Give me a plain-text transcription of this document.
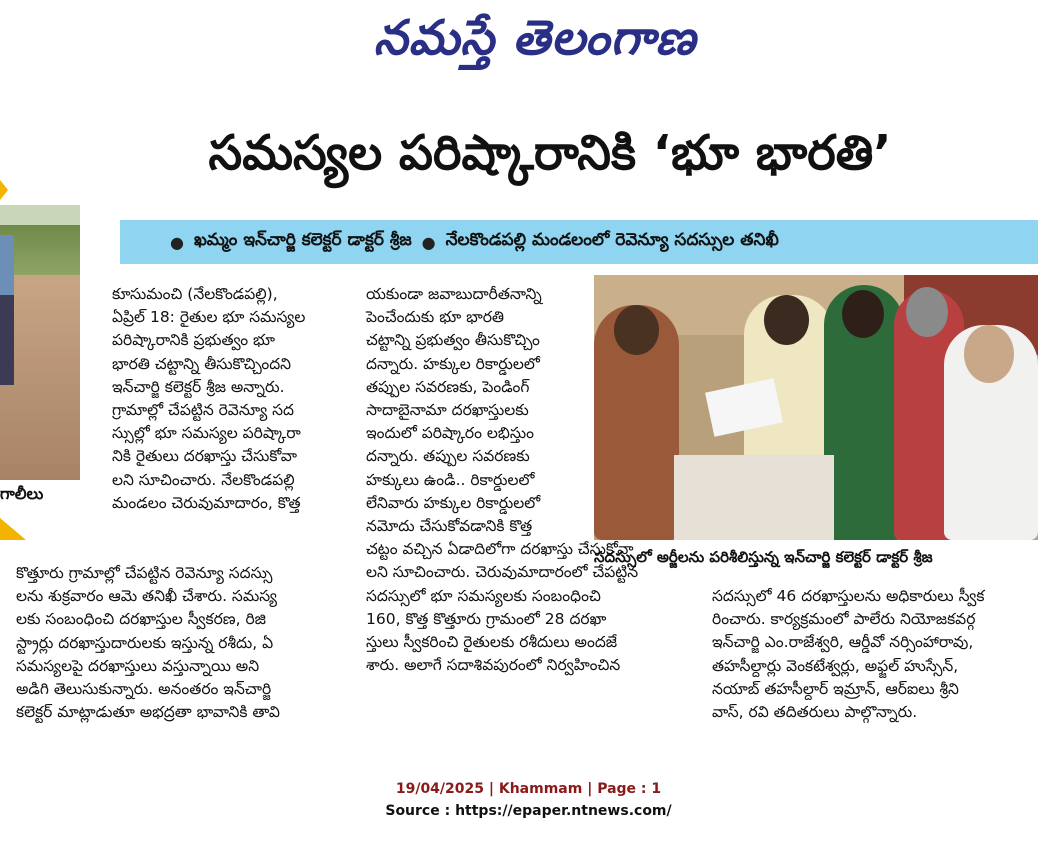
నమస్తే తెలంగాణ
సమస్యల పరిష్కారానికి ‘భూ భారతి’
● ఖమ్మం ఇన్‌చార్జి కలెక్టర్ డాక్టర్ శ్రీజ ● నేలకొండపల్లి మండలంలో రెవెన్యూ సదస్సుల తనిఖీ
గాలీలు
సదస్సులో అర్జీలను పరిశీలిస్తున్న ఇన్‌చార్జి కలెక్టర్ డాక్టర్ శ్రీజ
కూసుమంచి (నేలకొండపల్లి),
ఏప్రిల్ 18: రైతుల భూ సమస్యల
పరిష్కారానికి ప్రభుత్వం భూ
భారతి చట్టాన్ని తీసుకొచ్చిందని
ఇన్‌చార్జి కలెక్టర్ శ్రీజ అన్నారు.
గ్రామాల్లో చేపట్టిన రెవెన్యూ సద
స్సుల్లో భూ సమస్యల పరిష్కారా
నికి రైతులు దరఖాస్తు చేసుకోవా
లని సూచించారు. నేలకొండపల్లి
మండలం చెరువుమాదారం, కొత్త
కొత్తూరు గ్రామాల్లో చేపట్టిన రెవెన్యూ సదస్సు
లను శుక్రవారం ఆమె తనిఖీ చేశారు. సమస్య
లకు సంబంధించి దరఖాస్తుల స్వీకరణ, రిజి
స్ట్రార్లు దరఖాస్తుదారులకు ఇస్తున్న రశీదు, ఏ
సమస్యలపై దరఖాస్తులు వస్తున్నాయి అని
అడిగి తెలుసుకున్నారు. అనంతరం ఇన్‌చార్జి
కలెక్టర్ మాట్లాడుతూ అభద్రతా భావానికి తావి
యకుండా జవాబుదారీతనాన్ని
పెంచేందుకు భూ భారతి
చట్టాన్ని ప్రభుత్వం తీసుకొచ్చిం
దన్నారు. హక్కుల రికార్డులలో
తప్పుల సవరణకు, పెండింగ్
సాదాబైనామా దరఖాస్తులకు
ఇందులో పరిష్కారం లభిస్తుం
దన్నారు. తప్పుల సవరణకు
హక్కులు ఉండి.. రికార్డులలో
లేనివారు హక్కుల రికార్డులలో
నమోదు చేసుకోవడానికి కొత్త
చట్టం వచ్చిన ఏడాదిలోగా దరఖాస్తు చేసుకోవా
లని సూచించారు. చెరువుమాదారంలో చేపట్టిన
సదస్సులో భూ సమస్యలకు సంబంధించి
160, కొత్త కొత్తూరు గ్రామంలో 28 దరఖా
స్తులు స్వీకరించి రైతులకు రశీదులు అందజే
శారు. అలాగే సదాశివపురంలో నిర్వహించిన
సదస్సులో 46 దరఖాస్తులను అధికారులు స్వీక
రించారు. కార్యక్రమంలో పాలేరు నియోజకవర్గ
ఇన్‌చార్జి ఎం.రాజేశ్వరి, ఆర్డీవో నర్సింహారావు,
తహసీల్దార్లు వెంకటేశ్వర్లు, అఫ్జల్ హుస్సేన్,
నయాబ్ తహసీల్దార్ ఇమ్రాన్, ఆర్ఐలు శ్రీని
వాస్, రవి తదితరులు పాల్గొన్నారు.
19/04/2025 | Khammam | Page : 1
Source : https://epaper.ntnews.com/
